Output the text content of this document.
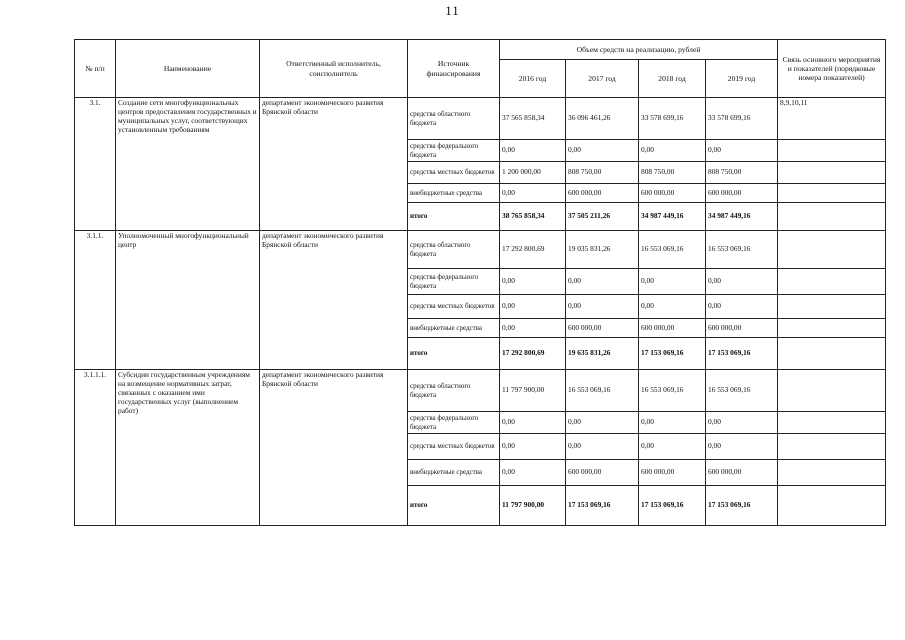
11
№ п/п	Наименование	Ответственный исполнитель, соисполнитель	Источник финансирования	Объем средств на реализацию, рублей				Связь основного мероприятия и показателей (порядковые номера показателей)
				2016 год	2017 год	2018 год	2019 год	
3.1.	Создание сети многофункциональных центров предоставления государственных и муниципальных услуг, соответствующих установленным требованиям	департамент экономического развития Брянской области	средства областного бюджета	37 565 858,34	36 096 461,26	33 578 699,16	33 578 699,16	8,9,10,11
			средства федерального бюджета	0,00	0,00	0,00	0,00	
			средства местных бюджетов	1 200 000,00	808 750,00	808 750,00	808 750,00	
			внебюджетные средства	0,00	600 000,00	600 000,00	600 000,00	
			итого	38 765 858,34	37 505 211,26	34 987 449,16	34 987 449,16	
3.1.1.	Уполномоченный многофункциональный центр	департамент экономического развития Брянской области	средства областного бюджета	17 292 800,69	19 035 831,26	16 553 069,16	16 553 069,16	
			средства федерального бюджета	0,00	0,00	0,00	0,00	
			средства местных бюджетов	0,00	0,00	0,00	0,00	
			внебюджетные средства	0,00	600 000,00	600 000,00	600 000,00	
			итого	17 292 800,69	19 635 831,26	17 153 069,16	17 153 069,16	
3.1.1.1.	Субсидии государственным учреждениям на возмещение нормативных затрат, связанных с оказанием ими государственных услуг (выполнением работ)	департамент экономического развития Брянской области	средства областного бюджета	11 797 900,00	16 553 069,16	16 553 069,16	16 553 069,16	
			средства федерального бюджета	0,00	0,00	0,00	0,00	
			средства местных бюджетов	0,00	0,00	0,00	0,00	
			внебюджетные средства	0,00	600 000,00	600 000,00	600 000,00	
			итого	11 797 900,00	17 153 069,16	17 153 069,16	17 153 069,16	
